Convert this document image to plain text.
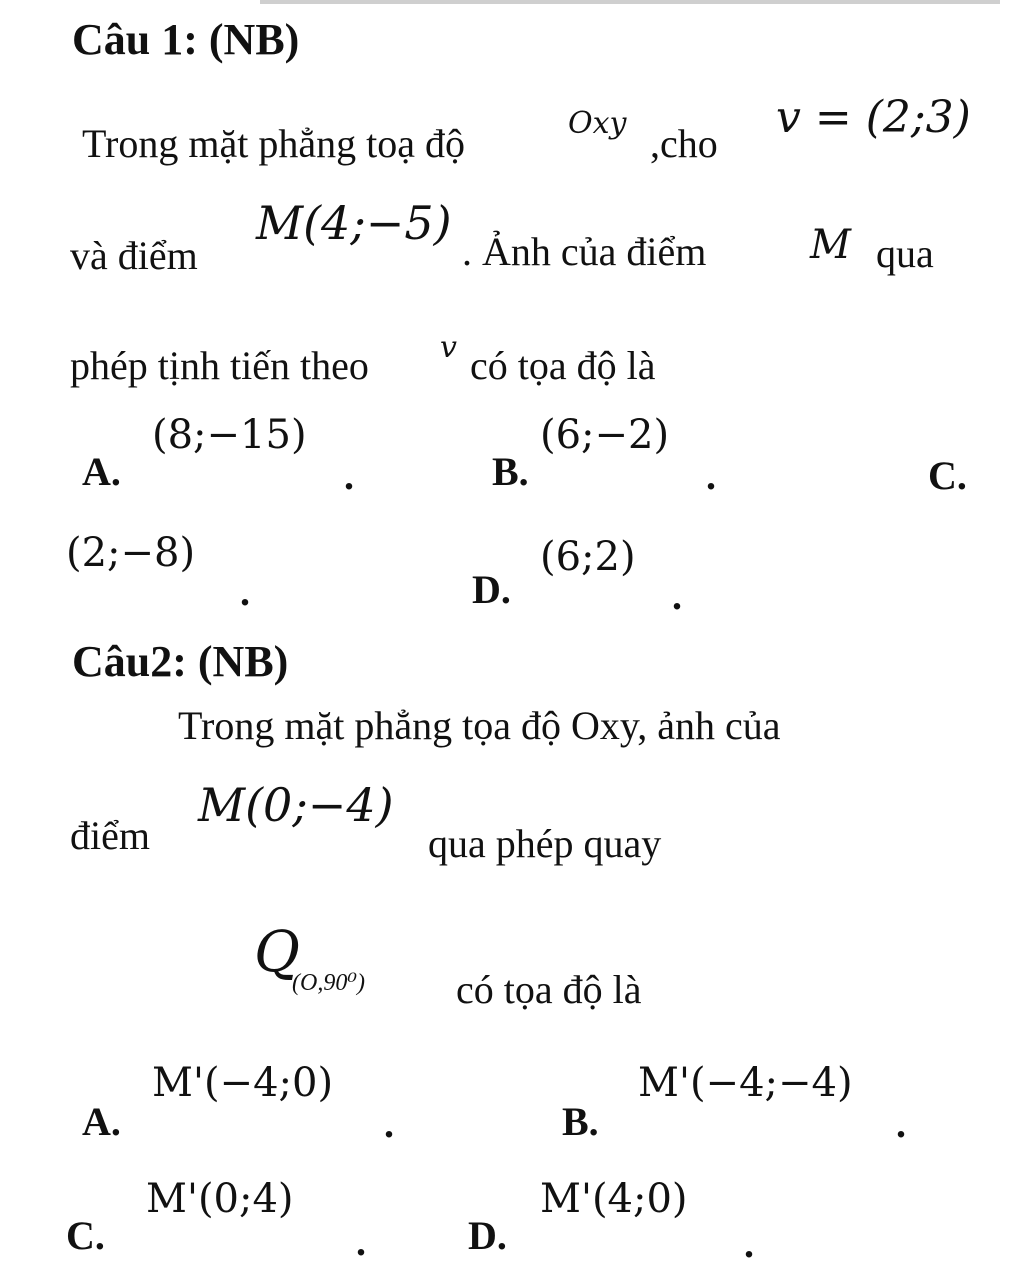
Câu 1: (NB)
Trong mặt phẳng toạ độ	Oxy ,cho
v = (2;3)
và điểm
M(4;−5)
. Ảnh của điểm	M qua
phép tịnh tiến theo v có tọa độ là
A.
(8;−15)
.	B.
(6;−2)
.	C.
(2;−8)
.	D.
(6;2)
.
Câu2: (NB)
Trong mặt phẳng tọa độ Oxy, ảnh của
điểm
M(0;−4)
qua phép quay
Q
(O,90⁰) có tọa độ là
A.
M'(−4;0)
.	B.
M'(−4;−4)
.
C.
M'(0;4)
.	D.
M'(4;0)
.
